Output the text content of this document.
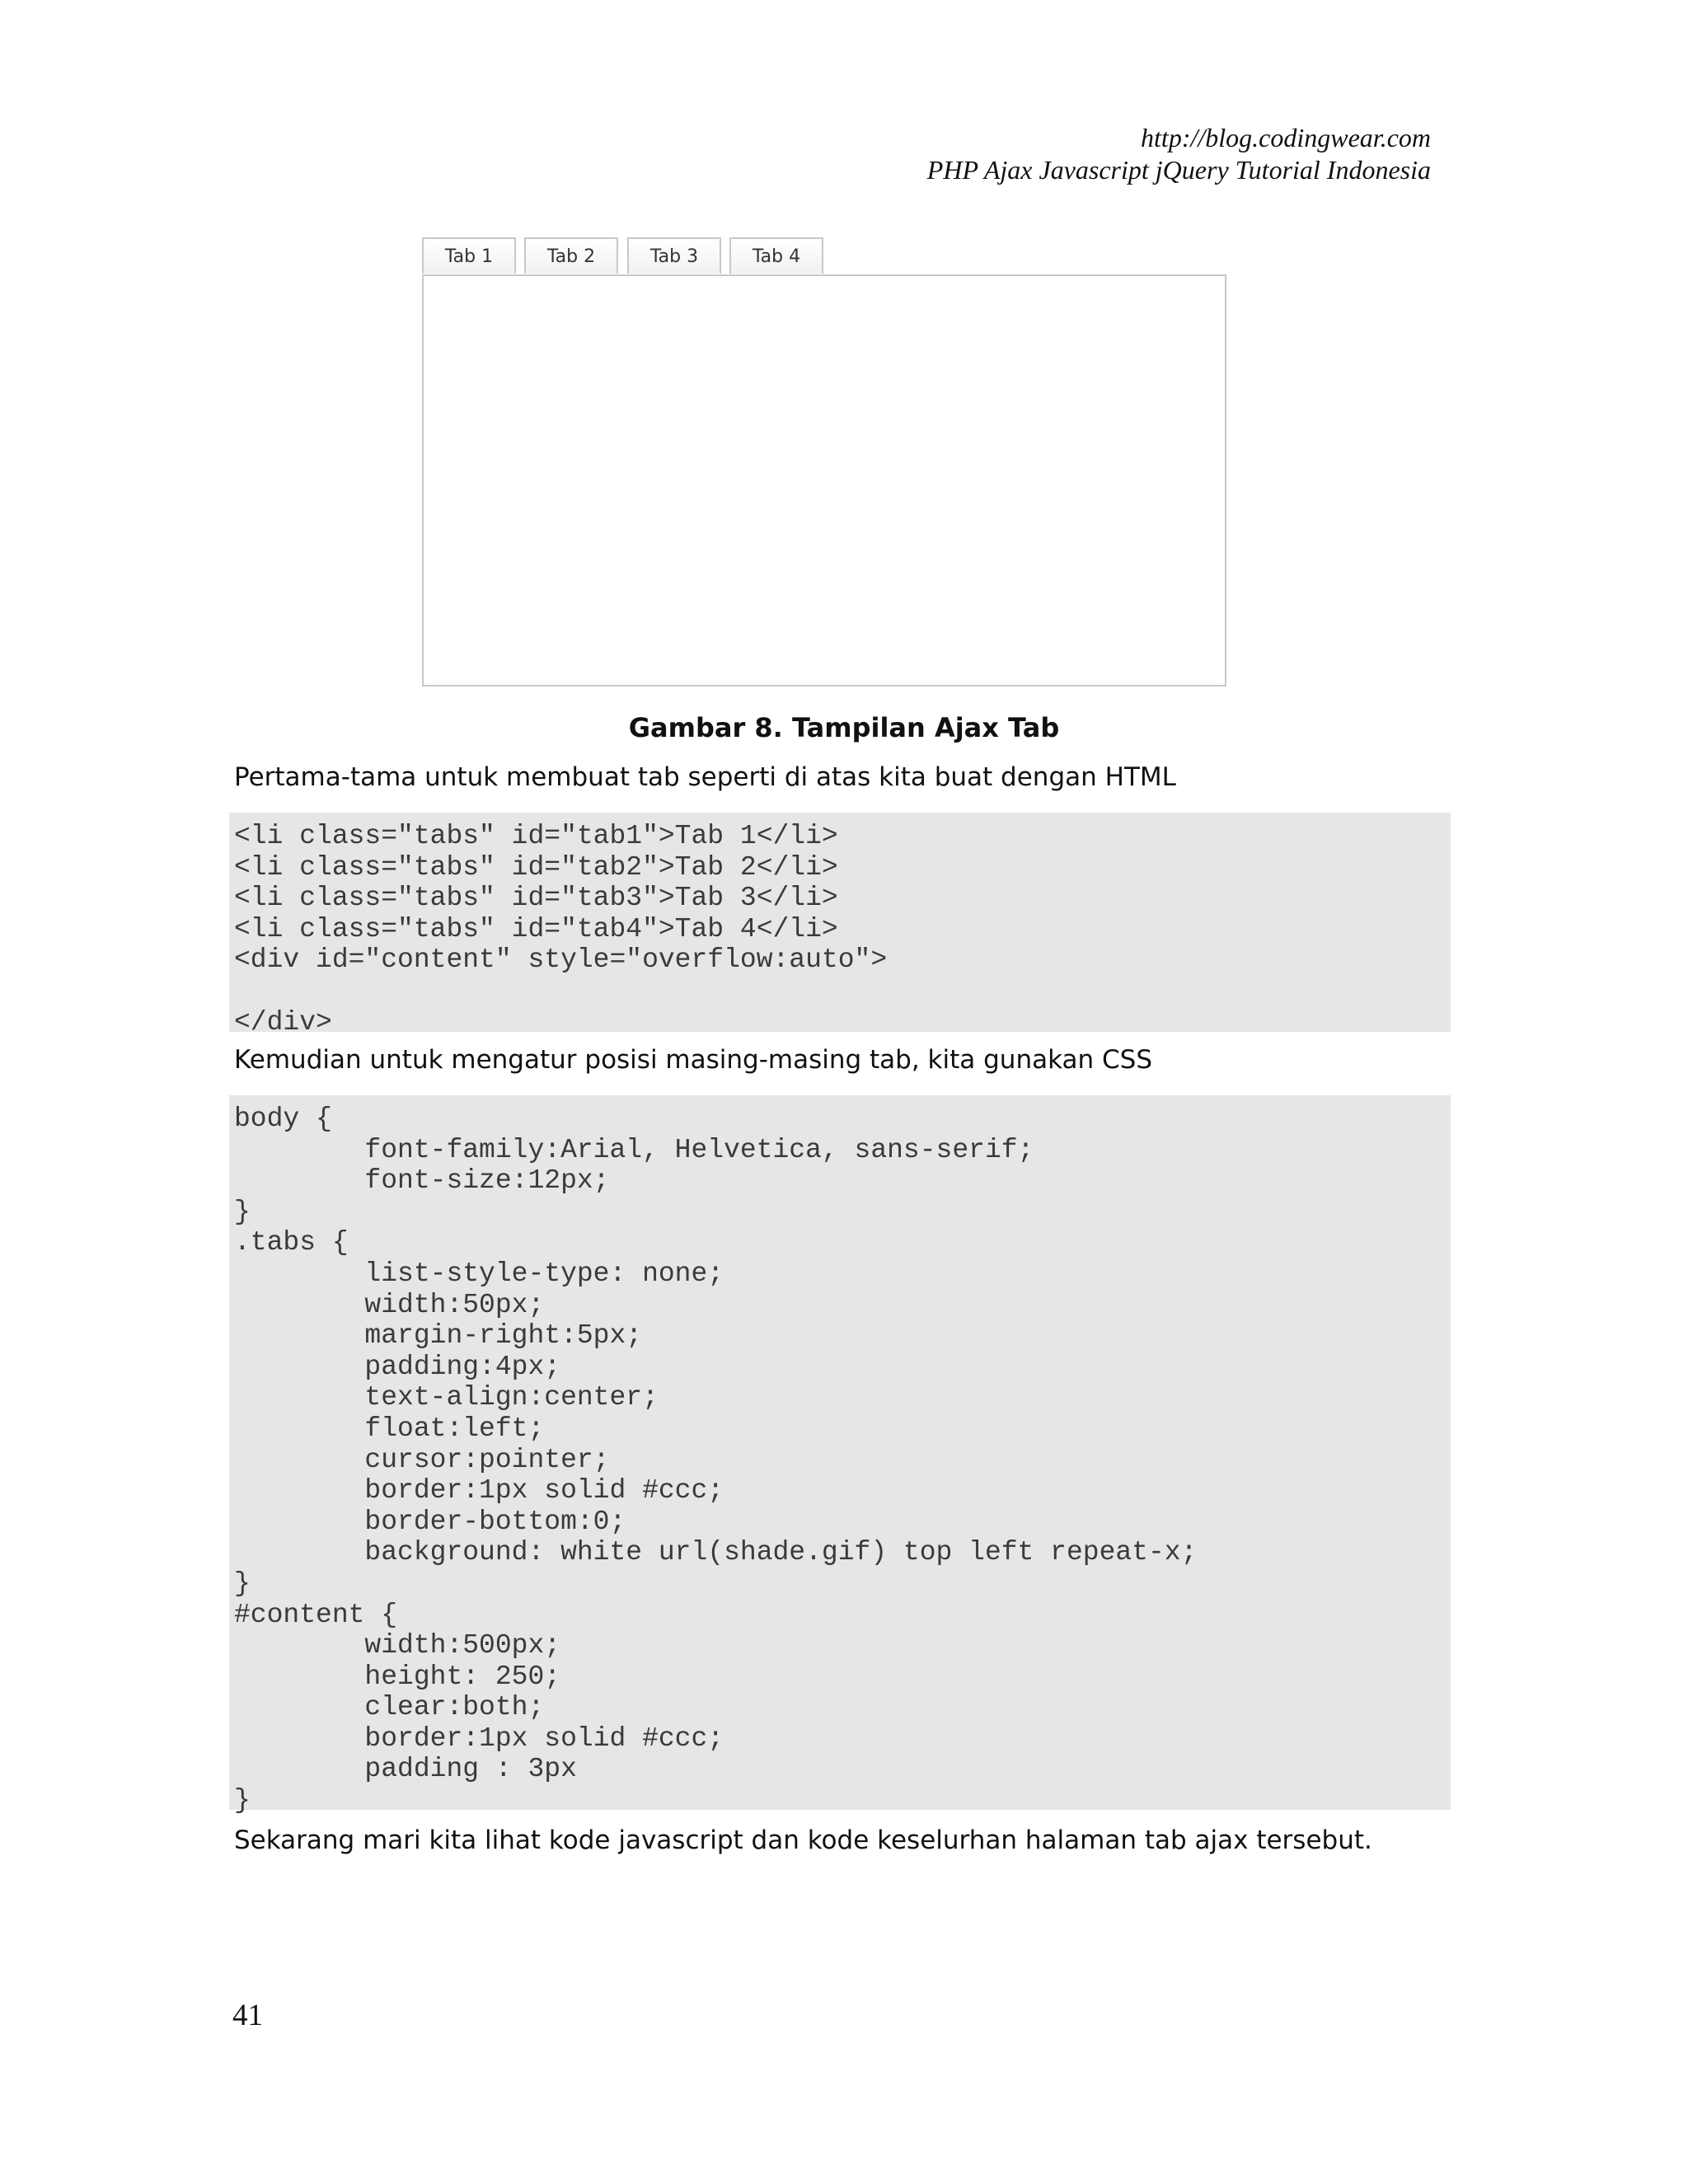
http://blog.codingwear.com
PHP Ajax Javascript jQuery Tutorial Indonesia
Tab 1	Tab 2	Tab 3	Tab 4
Gambar 8. Tampilan Ajax Tab
Pertama-tama untuk membuat tab seperti di atas kita buat dengan HTML
<li class="tabs" id="tab1">Tab 1</li>
<li class="tabs" id="tab2">Tab 2</li>
<li class="tabs" id="tab3">Tab 3</li>
<li class="tabs" id="tab4">Tab 4</li>
<div id="content" style="overflow:auto">

</div>
Kemudian untuk mengatur posisi masing-masing tab, kita gunakan CSS
body {
font-family:Arial, Helvetica, sans-serif;
font-size:12px;
}
.tabs {
list-style-type: none;
width:50px;
margin-right:5px;
padding:4px;
text-align:center;
float:left;
cursor:pointer;
border:1px solid #ccc;
border-bottom:0;
background: white url(shade.gif) top left repeat-x;
}
#content {
width:500px;
height: 250;
clear:both;
border:1px solid #ccc;
padding : 3px
}
Sekarang mari kita lihat kode javascript dan kode keselurhan halaman tab ajax tersebut.
41
